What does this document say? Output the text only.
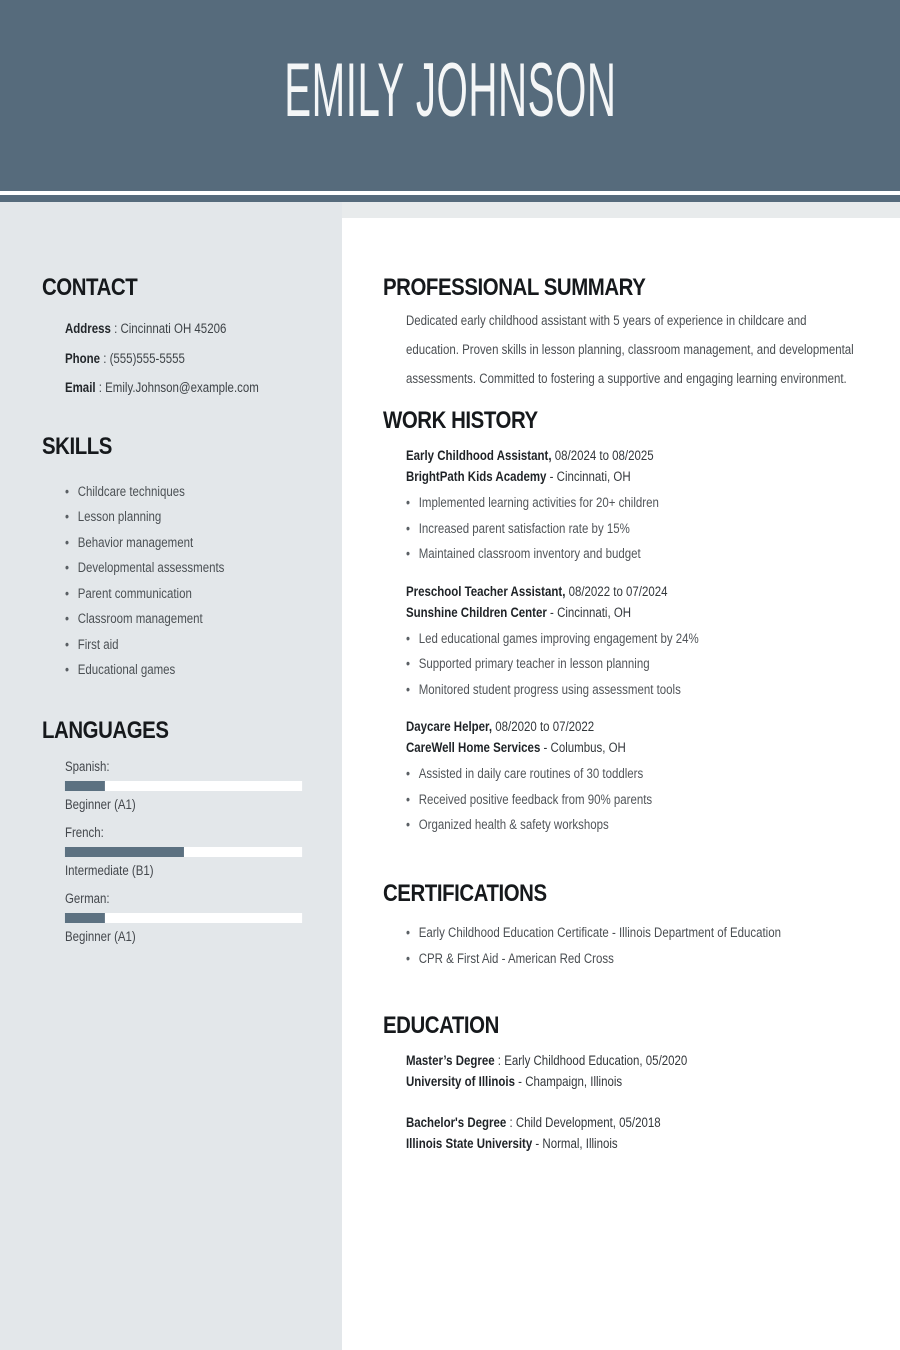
EMILY JOHNSON
CONTACT
Address : Cincinnati OH 45206
Phone : (555)555-5555
Email : Emily.Johnson@example.com
SKILLS
• Childcare techniques
• Lesson planning
• Behavior management
• Developmental assessments
• Parent communication
• Classroom management
• First aid
• Educational games
LANGUAGES
Spanish:
Beginner (A1)
French:
Intermediate (B1)
German:
Beginner (A1)
PROFESSIONAL SUMMARY

Dedicated early childhood assistant with 5 years of experience in childcare and education. Proven skills in lesson planning, classroom management, and developmental assessments. Committed to fostering a supportive and engaging learning environment.

WORK HISTORY
Early Childhood Assistant, 08/2024 to 08/2025
BrightPath Kids Academy - Cincinnati, OH
• Implemented learning activities for 20+ children
• Increased parent satisfaction rate by 15%
• Maintained classroom inventory and budget
Preschool Teacher Assistant, 08/2022 to 07/2024
Sunshine Children Center - Cincinnati, OH
• Led educational games improving engagement by 24%
• Supported primary teacher in lesson planning
• Monitored student progress using assessment tools
Daycare Helper, 08/2020 to 07/2022
CareWell Home Services - Columbus, OH
• Assisted in daily care routines of 30 toddlers
• Received positive feedback from 90% parents
• Organized health & safety workshops
CERTIFICATIONS
• Early Childhood Education Certificate - Illinois Department of Education
• CPR & First Aid - American Red Cross
EDUCATION
Master’s Degree : Early Childhood Education, 05/2020
University of Illinois - Champaign, Illinois
Bachelor's Degree : Child Development, 05/2018
Illinois State University - Normal, Illinois
